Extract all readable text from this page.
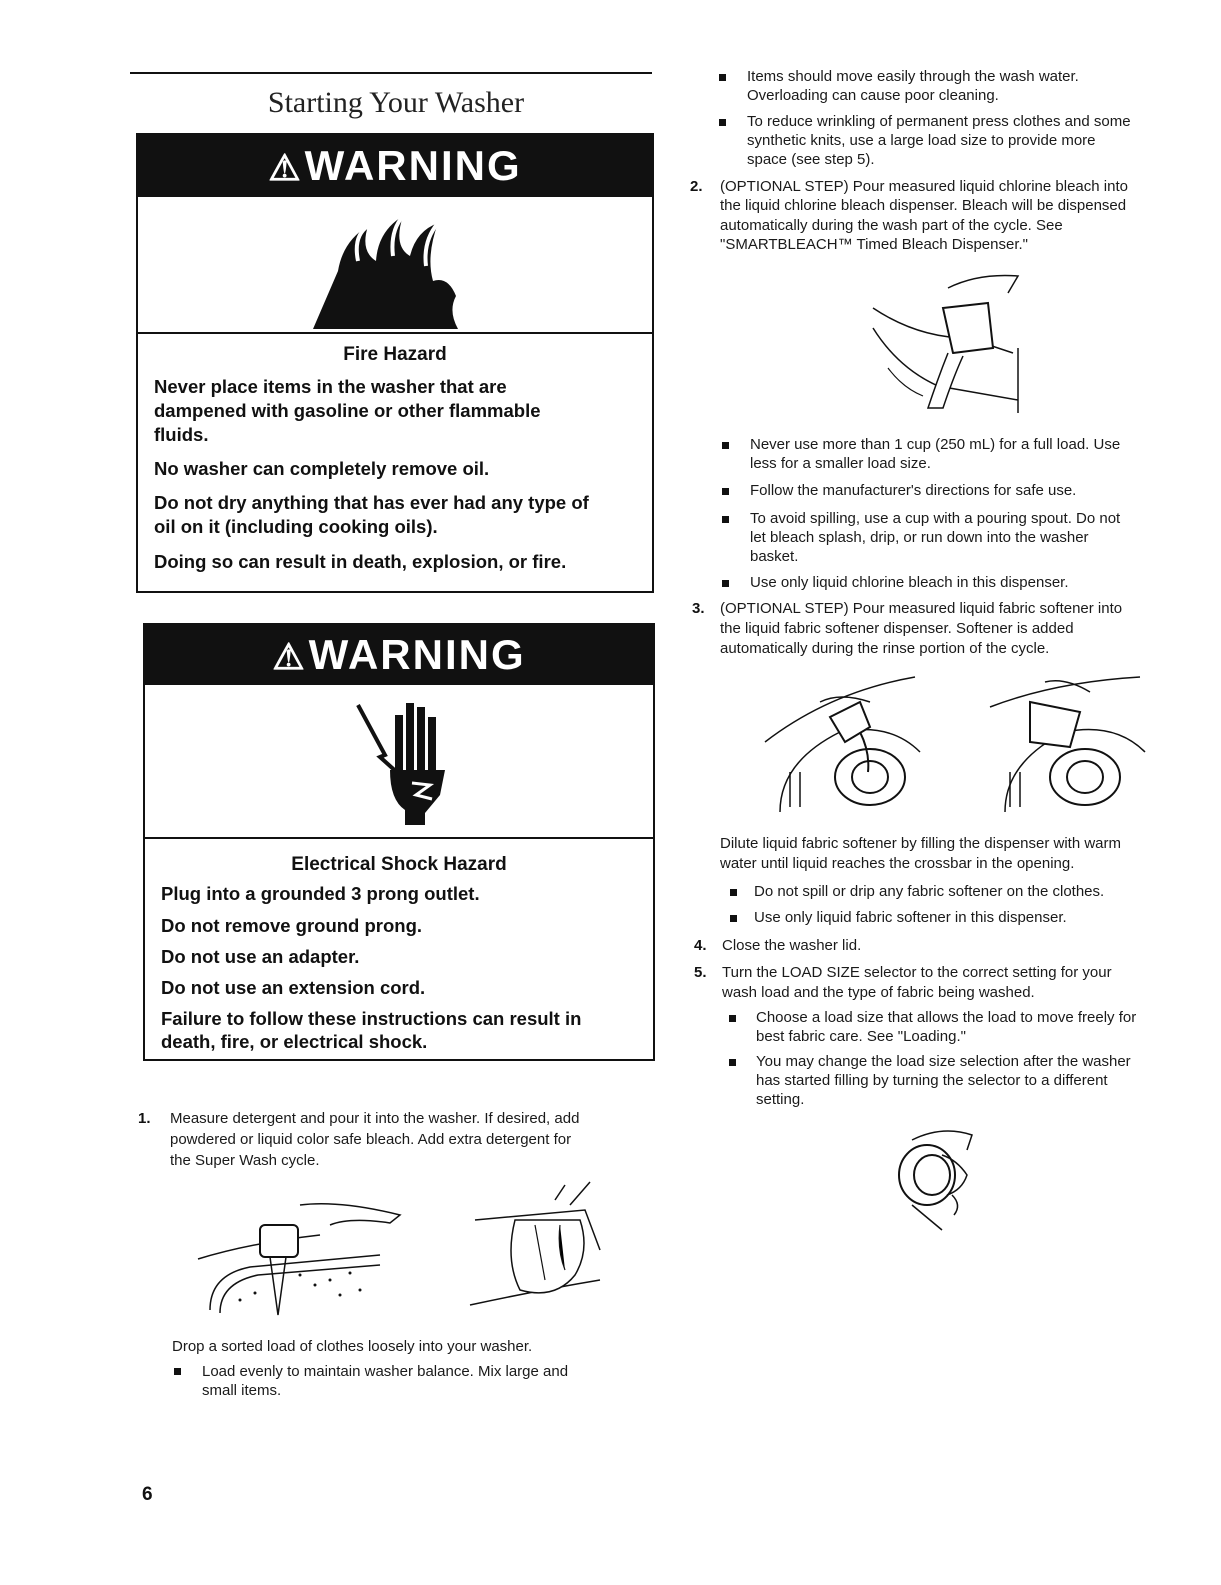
Starting Your Washer
⚠WARNING
Fire Hazard
Never place items in the washer that are
dampened with gasoline or other flammable
fluids.
No washer can completely remove oil.
Do not dry anything that has ever had any type of
oil on it (including cooking oils).
Doing so can result in death, explosion, or fire.
⚠WARNING
Electrical Shock Hazard
Plug into a grounded 3 prong outlet.
Do not remove ground prong.
Do not use an adapter.
Do not use an extension cord.
Failure to follow these instructions can result in
death, fire, or electrical shock.
1. Measure detergent and pour it into the washer. If desired, add
powdered or liquid color safe bleach. Add extra detergent for
the Super Wash cycle.
Drop a sorted load of clothes loosely into your washer.
Load evenly to maintain washer balance. Mix large and
small items.
6
Items should move easily through the wash water.
Overloading can cause poor cleaning.
To reduce wrinkling of permanent press clothes and some
synthetic knits, use a large load size to provide more
space (see step 5).
2. (OPTIONAL STEP) Pour measured liquid chlorine bleach into
the liquid chlorine bleach dispenser. Bleach will be dispensed
automatically during the wash part of the cycle. See
"SMARTBLEACH™ Timed Bleach Dispenser."
Never use more than 1 cup (250 mL) for a full load. Use
less for a smaller load size.
Follow the manufacturer's directions for safe use.
To avoid spilling, use a cup with a pouring spout. Do not
let bleach splash, drip, or run down into the washer
basket.
Use only liquid chlorine bleach in this dispenser.
3. (OPTIONAL STEP) Pour measured liquid fabric softener into
the liquid fabric softener dispenser. Softener is added
automatically during the rinse portion of the cycle.
Dilute liquid fabric softener by filling the dispenser with warm
water until liquid reaches the crossbar in the opening.
Do not spill or drip any fabric softener on the clothes.
Use only liquid fabric softener in this dispenser.
4. Close the washer lid.
5. Turn the LOAD SIZE selector to the correct setting for your
wash load and the type of fabric being washed.
Choose a load size that allows the load to move freely for
best fabric care. See "Loading."
You may change the load size selection after the washer
has started filling by turning the selector to a different
setting.
